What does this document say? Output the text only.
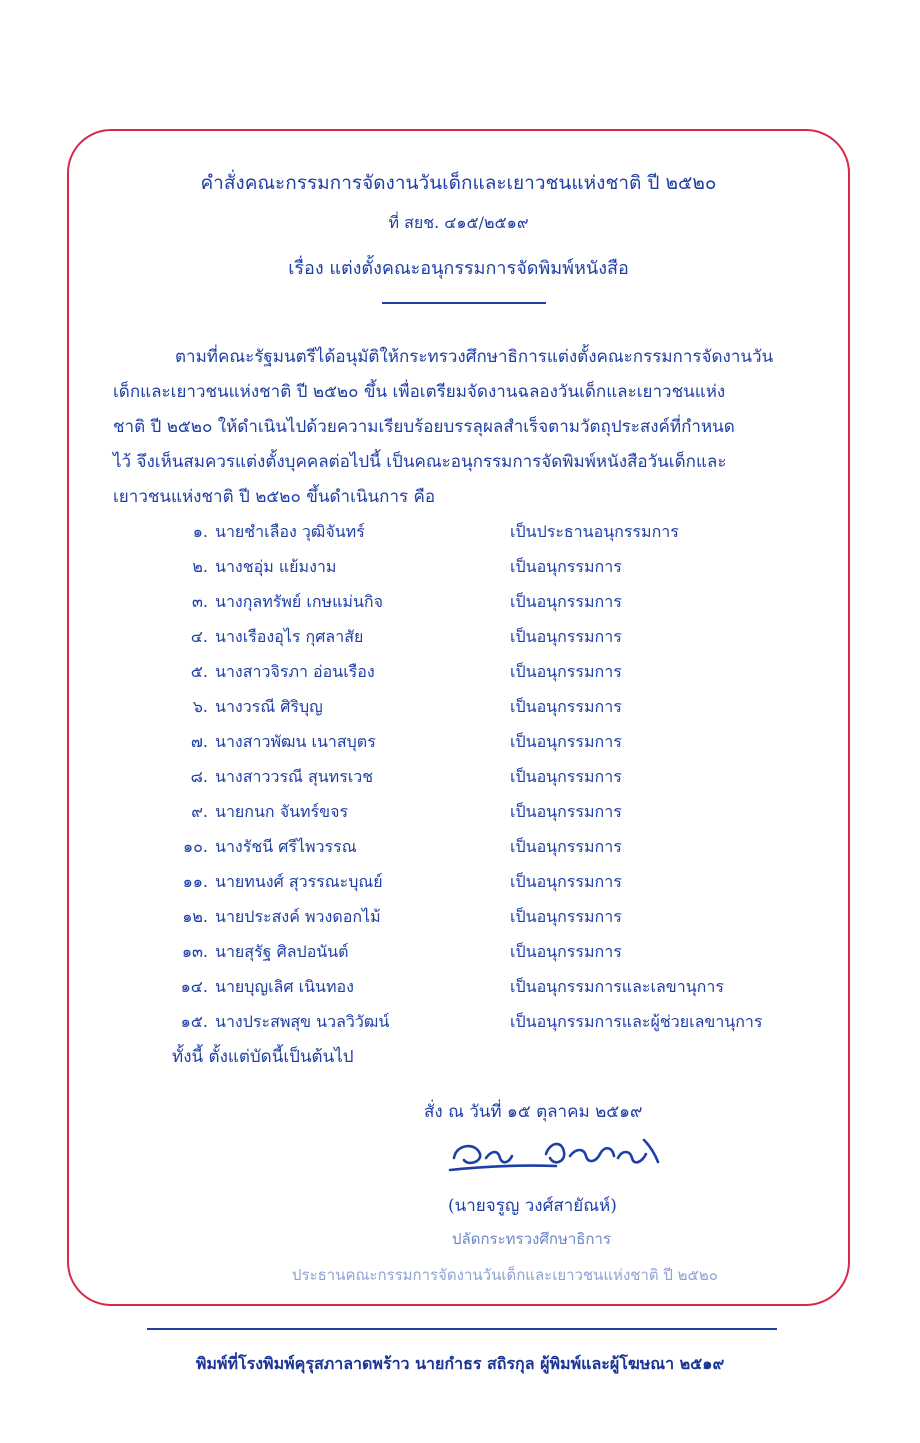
คำสั่งคณะกรรมการจัดงานวันเด็กและเยาวชนแห่งชาติ ปี ๒๕๒๐
ที่ สยช. ๔๑๕/๒๕๑๙
เรื่อง แต่งตั้งคณะอนุกรรมการจัดพิมพ์หนังสือ
ตามที่คณะรัฐมนตรีได้อนุมัติให้กระทรวงศึกษาธิการแต่งตั้งคณะกรรมการจัดงานวัน
เด็กและเยาวชนแห่งชาติ ปี ๒๕๒๐ ขึ้น เพื่อเตรียมจัดงานฉลองวันเด็กและเยาวชนแห่ง
ชาติ ปี ๒๕๒๐ ให้ดำเนินไปด้วยความเรียบร้อยบรรลุผลสำเร็จตามวัตถุประสงค์ที่กำหนด
ไว้ จึงเห็นสมควรแต่งตั้งบุคคลต่อไปนี้ เป็นคณะอนุกรรมการจัดพิมพ์หนังสือวันเด็กและ
เยาวชนแห่งชาติ ปี ๒๕๒๐ ขึ้นดำเนินการ คือ
๑. นายชำเลือง วุฒิจันทร์	เป็นประธานอนุกรรมการ
๒. นางชอุ่ม แย้มงาม	เป็นอนุกรรมการ
๓. นางกุลทรัพย์ เกษแม่นกิจ	เป็นอนุกรรมการ
๔. นางเรืองอุไร กุศลาสัย	เป็นอนุกรรมการ
๕. นางสาวจิรภา อ่อนเรือง	เป็นอนุกรรมการ
๖. นางวรณี ศิริบุญ	เป็นอนุกรรมการ
๗. นางสาวพัฒน เนาสบุตร	เป็นอนุกรรมการ
๘. นางสาววรณี สุนทรเวช	เป็นอนุกรรมการ
๙. นายกนก จันทร์ขจร	เป็นอนุกรรมการ
๑๐. นางรัชนี ศรีไพวรรณ	เป็นอนุกรรมการ
๑๑. นายทนงศ์ สุวรรณะบุณย์	เป็นอนุกรรมการ
๑๒. นายประสงค์ พวงดอกไม้	เป็นอนุกรรมการ
๑๓. นายสุรัฐ ศิลปอนันต์	เป็นอนุกรรมการ
๑๔. นายบุญเลิศ เนินทอง	เป็นอนุกรรมการและเลขานุการ
๑๕. นางประสพสุข นวลวิวัฒน์	เป็นอนุกรรมการและผู้ช่วยเลขานุการ
ทั้งนี้ ตั้งแต่บัดนี้เป็นต้นไป
สั่ง ณ วันที่ ๑๕ ตุลาคม ๒๕๑๙
(นายจรูญ วงศ์สายัณห์)
ปลัดกระทรวงศึกษาธิการ
ประธานคณะกรรมการจัดงานวันเด็กและเยาวชนแห่งชาติ ปี ๒๕๒๐
พิมพ์ที่โรงพิมพ์คุรุสภาลาดพร้าว นายกำธร สถิรกุล ผู้พิมพ์และผู้โฆษณา ๒๕๑๙
